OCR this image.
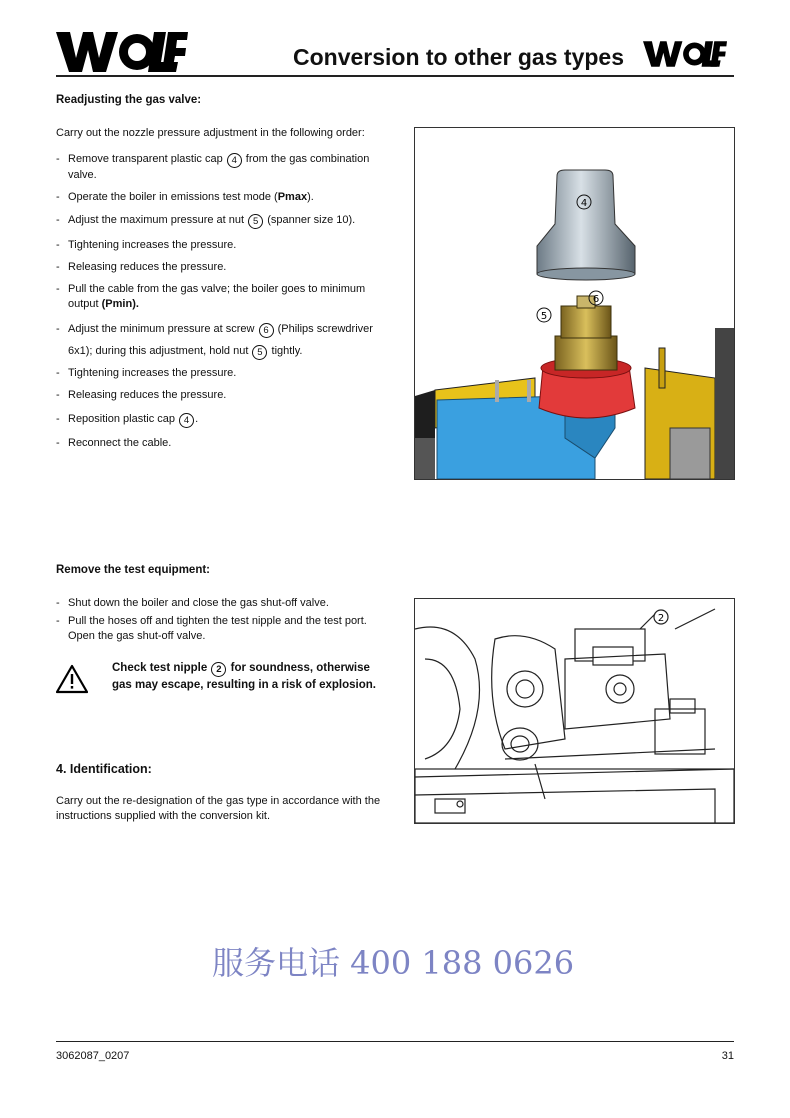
Conversion to other gas types
Readjusting the gas valve:
Carry out the nozzle pressure adjustment in the following order:
- Remove transparent plastic cap 4 from the gas combination valve.
- Operate the boiler in emissions test mode (Pmax).
- Adjust the maximum pressure at nut 5 (spanner size 10).
- Tightening increases the pressure.
- Releasing reduces the pressure.
- Pull the cable from the gas valve; the boiler goes to minimum output (Pmin).
- Adjust the minimum pressure at screw 6 (Philips screwdriver 6x1); during this adjustment, hold nut 5 tightly.
- Tightening increases the pressure.
- Releasing reduces the pressure.
- Reposition plastic cap 4 .
- Reconnect the cable.
4
6
5
Remove the test equipment:
- Shut down the boiler and close the gas shut-off valve.
- Pull the hoses off and tighten the test nipple and the test port. Open the gas shut-off valve.
Check test nipple 2 for soundness, otherwise gas may escape, resulting in a risk of explosion.
2
4. Identification:
Carry out the re-designation of the gas type in accordance with the instructions supplied with the conversion kit.
服务电话 400 188 0626
3062087_0207	31
